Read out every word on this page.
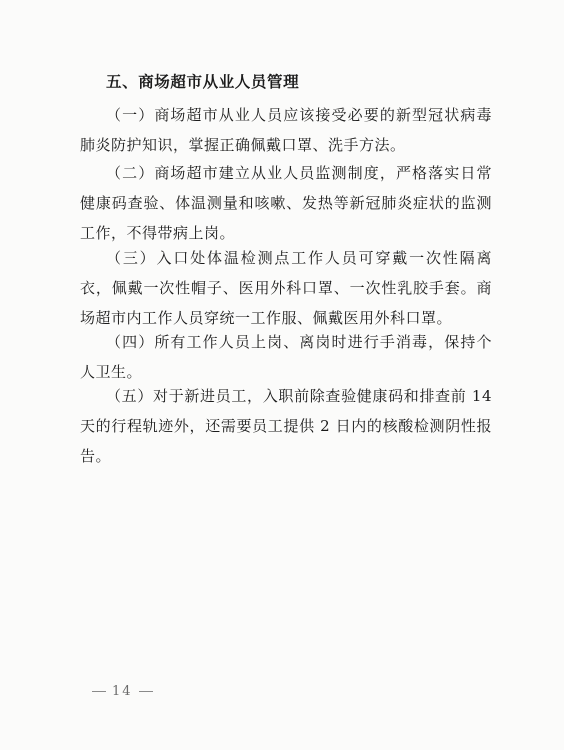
五、商场超市从业人员管理

（一）商场超市从业人员应该接受必要的新型冠状病毒肺炎防护知识，掌握正确佩戴口罩、洗手方法。

（二）商场超市建立从业人员监测制度，严格落实日常健康码查验、体温测量和咳嗽、发热等新冠肺炎症状的监测工作，不得带病上岗。

（三）入口处体温检测点工作人员可穿戴一次性隔离衣，佩戴一次性帽子、医用外科口罩、一次性乳胶手套。商场超市内工作人员穿统一工作服、佩戴医用外科口罩。

（四）所有工作人员上岗、离岗时进行手消毒，保持个人卫生。

（五）对于新进员工，入职前除查验健康码和排查前 14 天的行程轨迹外，还需要员工提供 2 日内的核酸检测阴性报告。

14
